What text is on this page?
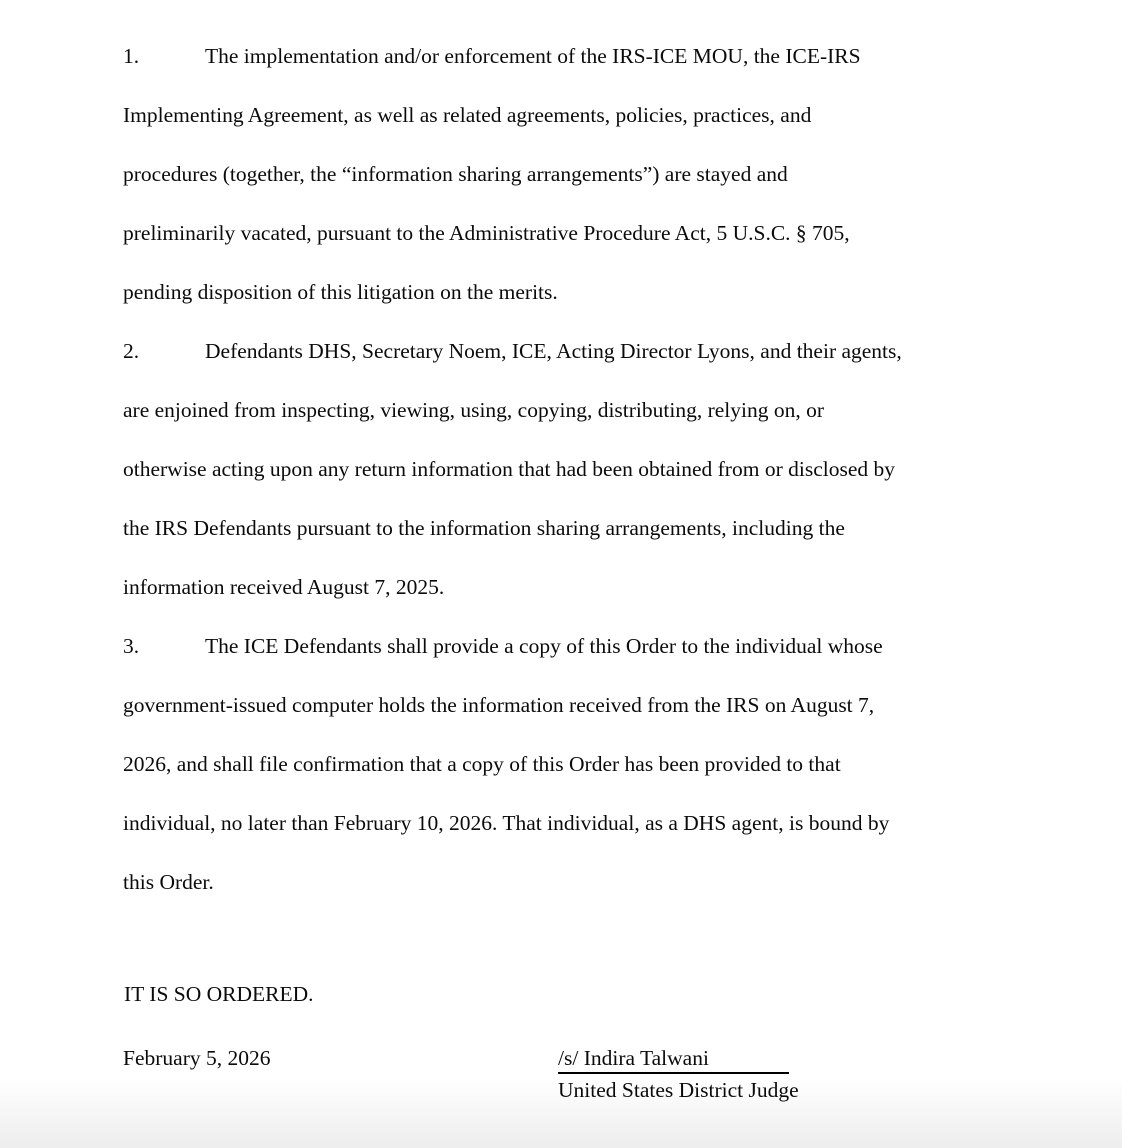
1.	The implementation and/or enforcement of the IRS-ICE MOU, the ICE-IRS
Implementing Agreement, as well as related agreements, policies, practices, and
procedures (together, the “information sharing arrangements”) are stayed and
preliminarily vacated, pursuant to the Administrative Procedure Act, 5 U.S.C. § 705,
pending disposition of this litigation on the merits.
2.	Defendants DHS, Secretary Noem, ICE, Acting Director Lyons, and their agents,
are enjoined from inspecting, viewing, using, copying, distributing, relying on, or
otherwise acting upon any return information that had been obtained from or disclosed by
the IRS Defendants pursuant to the information sharing arrangements, including the
information received August 7, 2025.
3.	The ICE Defendants shall provide a copy of this Order to the individual whose
government-issued computer holds the information received from the IRS on August 7,
2026, and shall file confirmation that a copy of this Order has been provided to that
individual, no later than February 10, 2026. That individual, as a DHS agent, is bound by
this Order.
IT IS SO ORDERED.
February 5, 2026	/s/ Indira Talwani
United States District Judge
